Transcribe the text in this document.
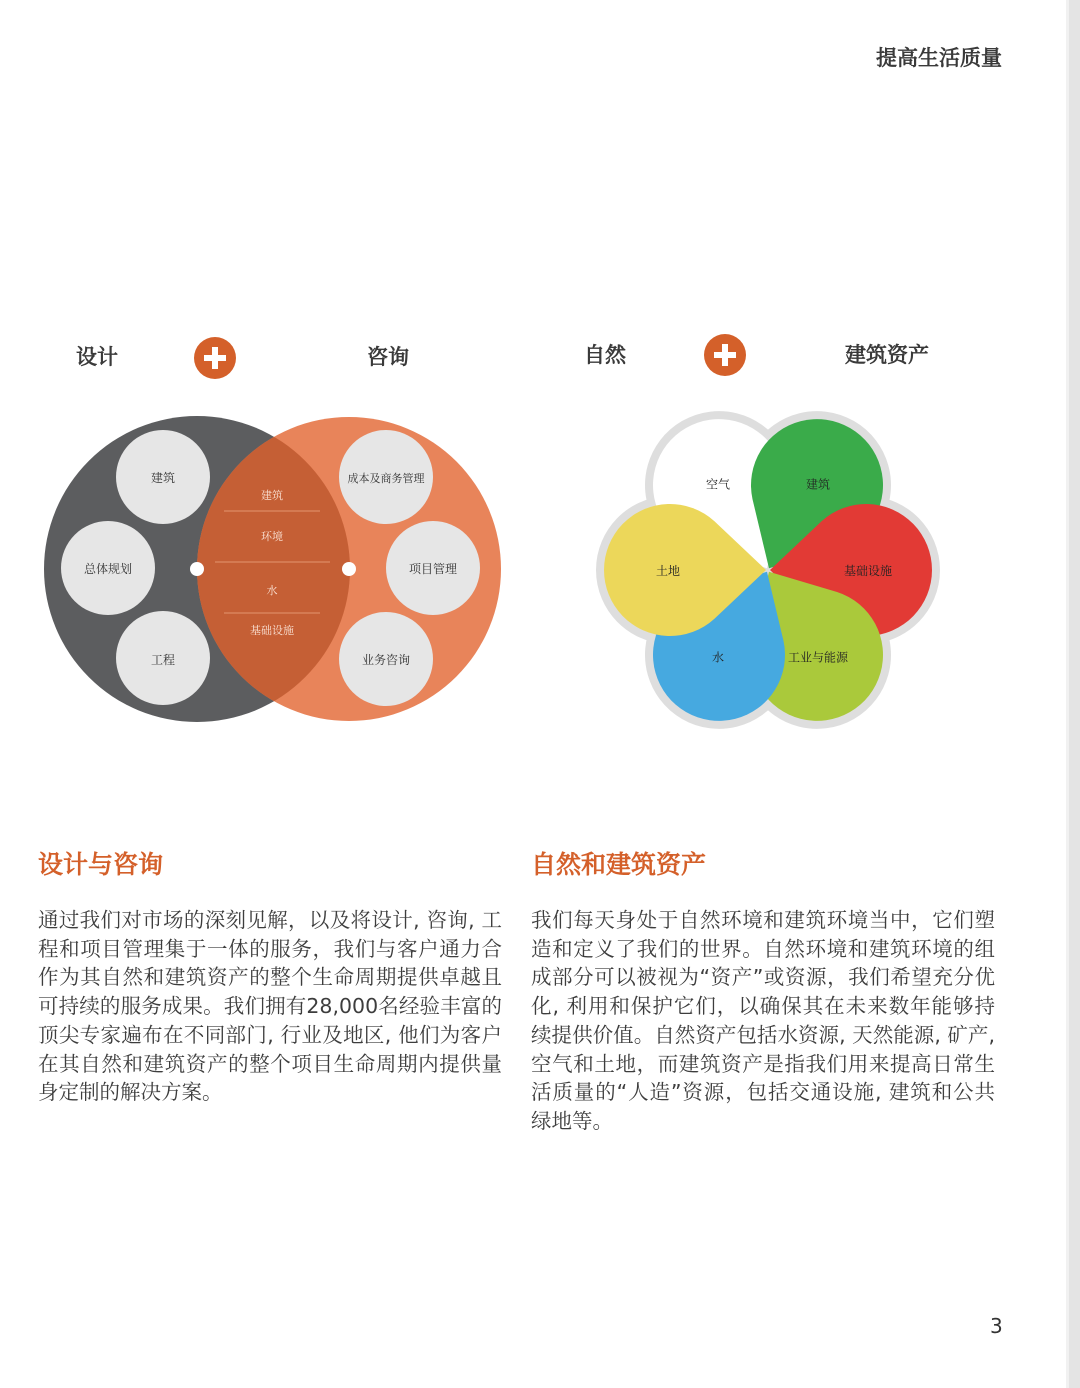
提高生活质量
设计	咨询
建筑
总体规划
工程
成本及商务管理
项目管理
业务咨询
建筑
环境
水
基础设施
自然	建筑资产
空气	建筑
基础设施
工业与能源
水
土地
设计与咨询
通过我们对市场的深刻见解，以及将设计, 咨询, 工程和项目管理集于一体的服务，我们与客户通力合作为其自然和建筑资产的整个生命周期提供卓越且可持续的服务成果。我们拥有28,000名经验丰富的顶尖专家遍布在不同部门, 行业及地区, 他们为客户在其自然和建筑资产的整个项目生命周期内提供量身定制的解决方案。
自然和建筑资产
我们每天身处于自然环境和建筑环境当中，它们塑造和定义了我们的世界。自然环境和建筑环境的组成部分可以被视为“资产”或资源，我们希望充分优化, 利用和保护它们，以确保其在未来数年能够持续提供价值。自然资产包括水资源, 天然能源, 矿产, 空气和土地，而建筑资产是指我们用来提高日常生活质量的“人造”资源，包括交通设施, 建筑和公共绿地等。
3
